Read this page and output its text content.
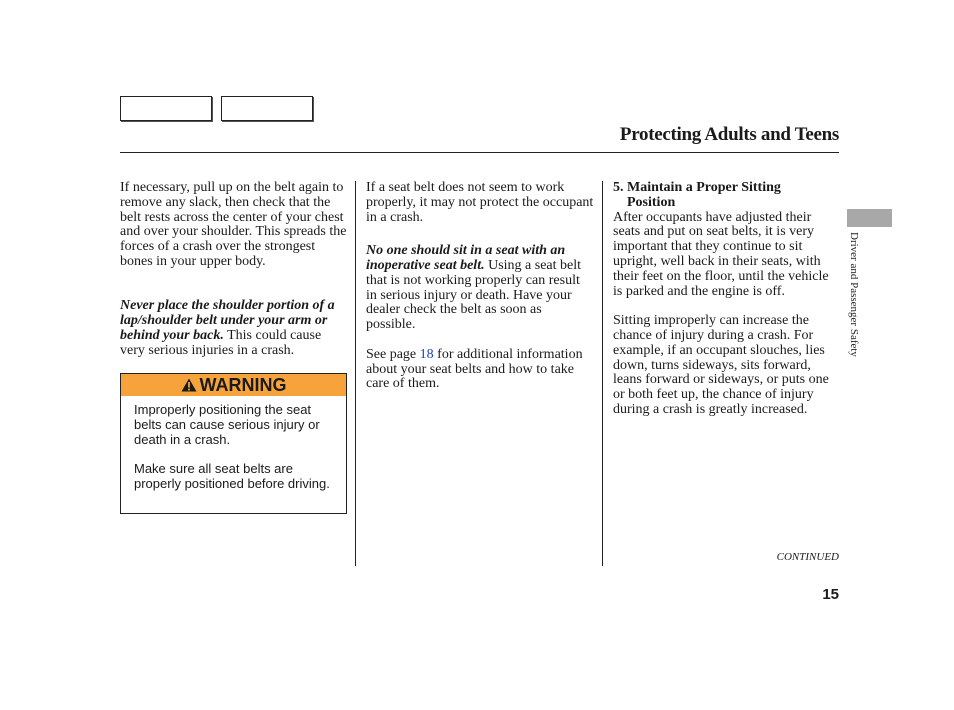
Protecting Adults and Teens

If necessary, pull up on the belt again to remove any slack, then check that the belt rests across the center of your chest and over your shoulder. This spreads the forces of a crash over the strongest bones in your upper body.

Never place the shoulder portion of a lap/shoulder belt under your arm or behind your back. This could cause very serious injuries in a crash.

WARNING

Improperly positioning the seat belts can cause serious injury or death in a crash.

Make sure all seat belts are properly positioned before driving.

If a seat belt does not seem to work properly, it may not protect the occupant in a crash.

No one should sit in a seat with an inoperative seat belt. Using a seat belt that is not working properly can result in serious injury or death. Have your dealer check the belt as soon as possible.

See page 18 for additional information about your seat belts and how to take care of them.

5. Maintain a Proper Sitting
Position

After occupants have adjusted their seats and put on seat belts, it is very important that they continue to sit upright, well back in their seats, with their feet on the floor, until the vehicle is parked and the engine is off.

Sitting improperly can increase the chance of injury during a crash. For example, if an occupant slouches, lies down, turns sideways, sits forward, leans forward or sideways, or puts one or both feet up, the chance of injury during a crash is greatly increased.

Driver and Passenger Safety
CONTINUED
15
